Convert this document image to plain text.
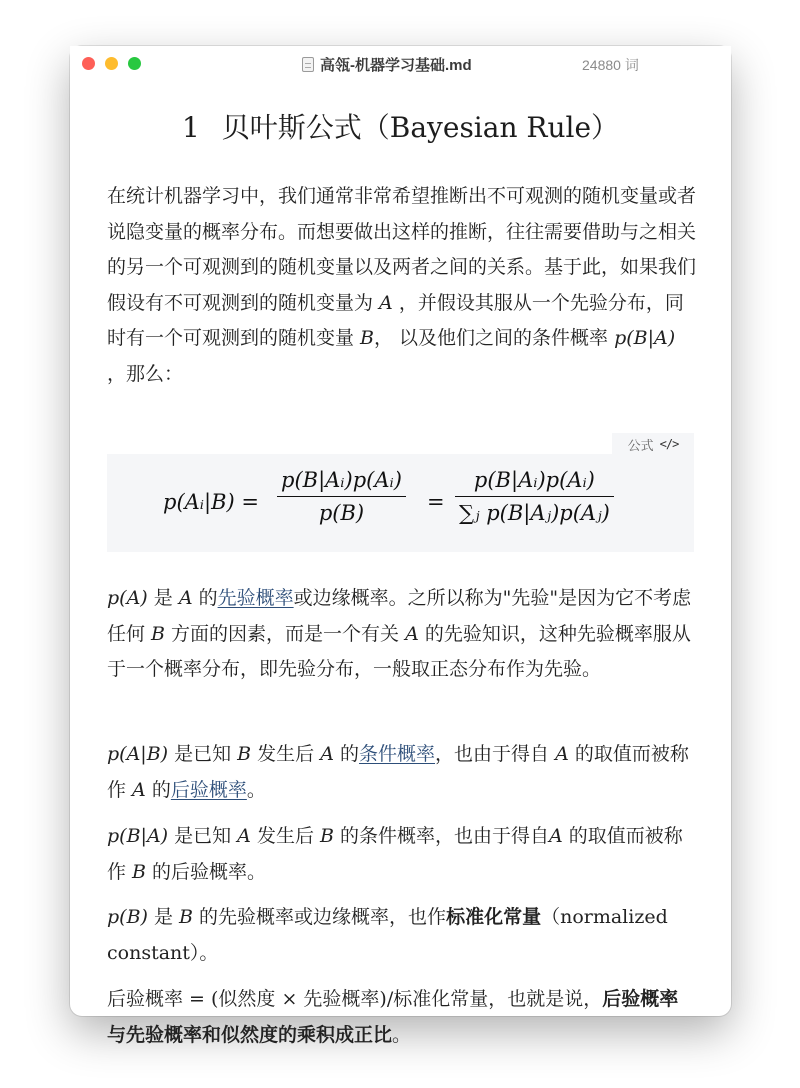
高瓴-机器学习基础.md	24880 词
1 贝叶斯公式（Bayesian Rule）
在统计机器学习中，我们通常非常希望推断出不可观测的随机变量或者说隐变量的概率分布。而想要做出这样的推断，往往需要借助与之相关的另一个可观测到的随机变量以及两者之间的关系。基于此，如果我们假设有不可观测到的随机变量为 A ，并假设其服从一个先验分布，同时有一个可观测到的随机变量 B， 以及他们之间的条件概率 p(B|A) ，那么：
公式 </>
p(Aᵢ|B) =
p(B|Aᵢ)p(Aᵢ)
p(B)	=
p(B|Aᵢ)p(Aᵢ)
∑ⱼ p(B|Aⱼ)p(Aⱼ)
p(A) 是 A 的先验概率或边缘概率。之所以称为"先验"是因为它不考虑任何 B 方面的因素，而是一个有关 A 的先验知识，这种先验概率服从于一个概率分布，即先验分布，一般取正态分布作为先验。
p(A|B) 是已知 B 发生后 A 的条件概率，也由于得自 A 的取值而被称作 A 的后验概率。
p(B|A) 是已知 A 发生后 B 的条件概率，也由于得自A 的取值而被称作 B 的后验概率。
p(B) 是 B 的先验概率或边缘概率，也作标准化常量（normalized constant）。
后验概率 = (似然度 × 先验概率)/标准化常量，也就是说，后验概率与先验概率和似然度的乘积成正比。
